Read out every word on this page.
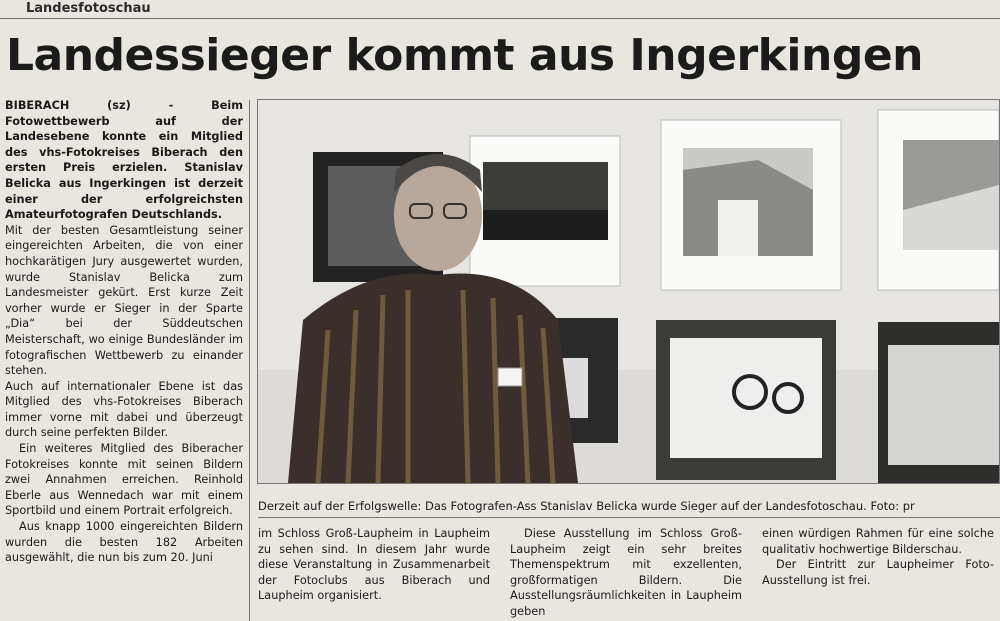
Landesfotoschau
Landessieger kommt aus Ingerkingen

BIBERACH (sz) - Beim Fotowettbewerb auf der Landesebene konnte ein Mitglied des vhs-Fotokreises Biberach den ersten Preis erzielen. Stanislav Belicka aus Ingerkingen ist derzeit einer der erfolgreichsten Amateurfotografen Deutschlands.

Mit der besten Gesamtleistung seiner eingereichten Arbeiten, die von einer hochkarätigen Jury ausgewertet wurden, wurde Stanislav Belicka zum Landesmeister gekürt. Erst kurze Zeit vorher wurde er Sieger in der Sparte „Dia“ bei der Süddeutschen Meisterschaft, wo einige Bundesländer im fotografischen Wettbewerb zu einander stehen.

Auch auf internationaler Ebene ist das Mitglied des vhs-Fotokreises Biberach immer vorne mit dabei und überzeugt durch seine perfekten Bilder.

Ein weiteres Mitglied des Biberacher Fotokreises konnte mit seinen Bildern zwei Annahmen erreichen. Reinhold Eberle aus Wennedach war mit einem Sportbild und einem Portrait erfolgreich.

Aus knapp 1000 eingereichten Bildern wurden die besten 182 Arbeiten ausgewählt, die nun bis zum 20. Juni

Derzeit auf der Erfolgswelle: Das Fotografen-Ass Stanislav Belicka wurde Sieger auf der Landesfotoschau. Foto: pr

im Schloss Groß-Laupheim in Laupheim zu sehen sind. In diesem Jahr wurde diese Veranstaltung in Zusammenarbeit der Fotoclubs aus Biberach und Laupheim organisiert.

Diese Ausstellung im Schloss Groß-Laupheim zeigt ein sehr breites Themenspektrum mit exzellenten, großformatigen Bildern. Die Ausstellungsräumlichkeiten in Laupheim geben

einen würdigen Rahmen für eine solche qualitativ hochwertige Bilderschau.

Der Eintritt zur Laupheimer Foto-Ausstellung ist frei.
